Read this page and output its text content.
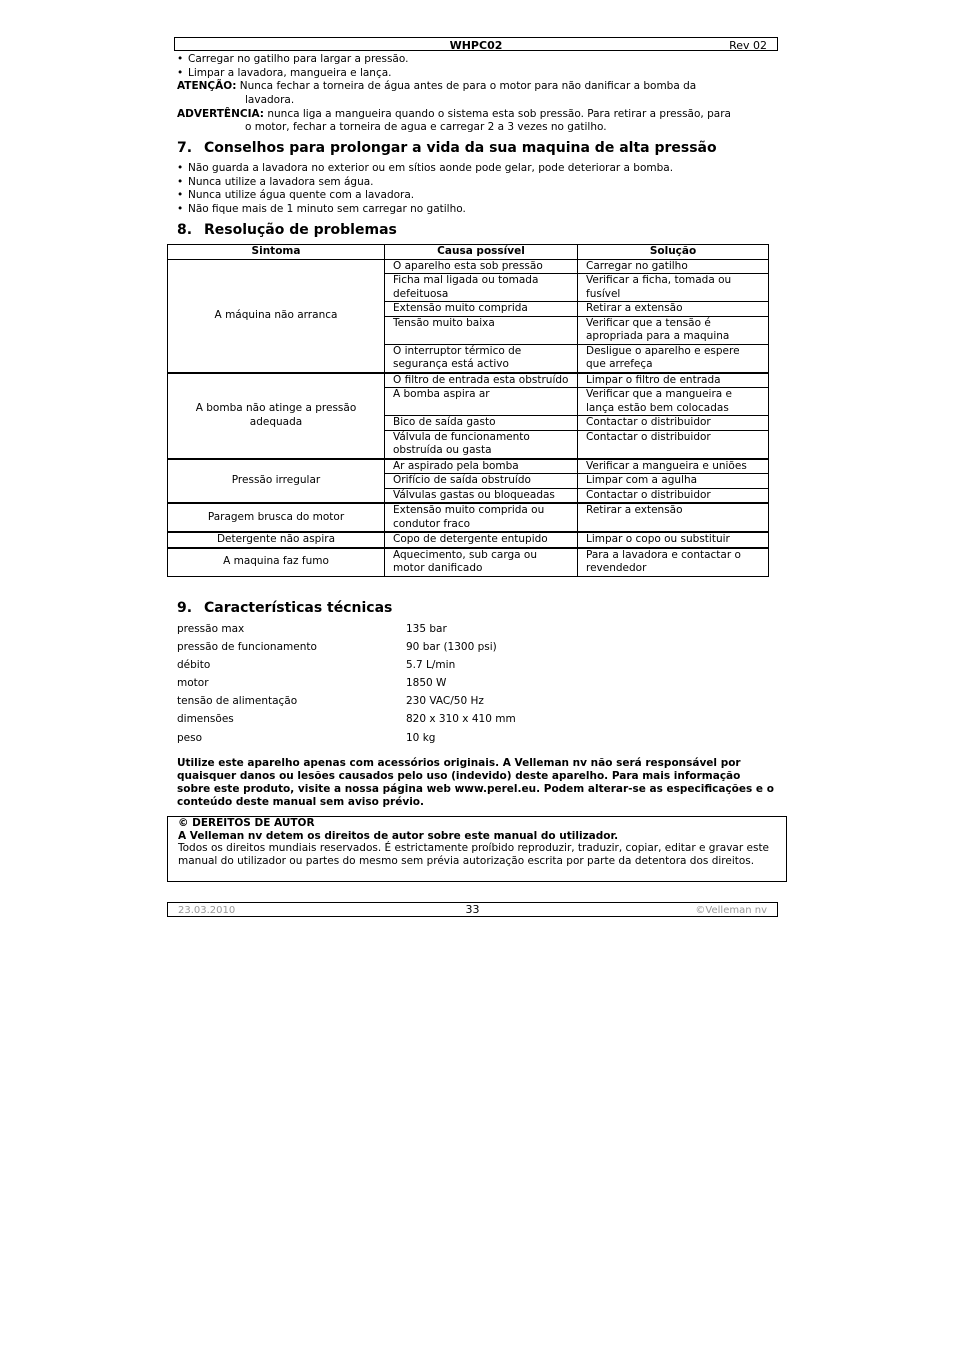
WHPC02	Rev 02
• Carregar no gatilho para largar a pressão.
• Limpar a lavadora, mangueira e lança.
ATENÇÃO: Nunca fechar a torneira de água antes de para o motor para não danificar a bomba da
lavadora.
ADVERTÊNCIA: nunca liga a mangueira quando o sistema esta sob pressão. Para retirar a pressão, para
o motor, fechar a torneira de agua e carregar 2 a 3 vezes no gatilho.
7. Conselhos para prolongar a vida da sua maquina de alta pressão
• Não guarda a lavadora no exterior ou em sítios aonde pode gelar, pode deteriorar a bomba.
• Nunca utilize a lavadora sem água.
• Nunca utilize água quente com a lavadora.
• Não fique mais de 1 minuto sem carregar no gatilho.
8. Resolução de problemas
Sintoma	Causa possível	Solução
A máquina não arranca	O aparelho esta sob pressão	Carregar no gatilho
	Ficha mal ligada ou tomada defeituosa	Verificar a ficha, tomada ou fusível
	Extensão muito comprida	Retirar a extensão
	Tensão muito baixa	Verificar que a tensão é apropriada para a maquina
	O interruptor térmico de segurança está activo	Desligue o aparelho e espere que arrefeça
A bomba não atinge a pressão adequada	O filtro de entrada esta obstruído	Limpar o filtro de entrada
	A bomba aspira ar	Verificar que a mangueira e lança estão bem colocadas
	Bico de saída gasto	Contactar o distribuidor
	Válvula de funcionamento obstruída ou gasta	Contactar o distribuidor
Pressão irregular	Ar aspirado pela bomba	Verificar a mangueira e uniões
	Orifício de saída obstruído	Limpar com a agulha
	Válvulas gastas ou bloqueadas	Contactar o distribuidor
Paragem brusca do motor	Extensão muito comprida ou condutor fraco	Retirar a extensão
Detergente não aspira	Copo de detergente entupido	Limpar o copo ou substituir
A maquina faz fumo	Aquecimento, sub carga ou motor danificado	Para a lavadora e contactar o revendedor
9. Características técnicas
pressão max	135 bar
pressão de funcionamento	90 bar (1300 psi)
débito	5.7 L/min
motor	1850 W
tensão de alimentação	230 VAC/50 Hz
dimensões	820 x 310 x 410 mm
peso	10 kg
Utilize este aparelho apenas com acessórios originais. A Velleman nv não será responsável por quaisquer danos ou lesões causados pelo uso (indevido) deste aparelho. Para mais informação sobre este produto, visite a nossa página web www.perel.eu. Podem alterar-se as especificações e o conteúdo deste manual sem aviso prévio.
© DEREITOS DE AUTOR
A Velleman nv detem os direitos de autor sobre este manual do utilizador.
Todos os direitos mundiais reservados. É estrictamente proíbido reproduzir, traduzir, copiar, editar e gravar este manual do utilizador ou partes do mesmo sem prévia autorização escrita por parte da detentora dos direitos.
23.03.2010	33	©Velleman nv
